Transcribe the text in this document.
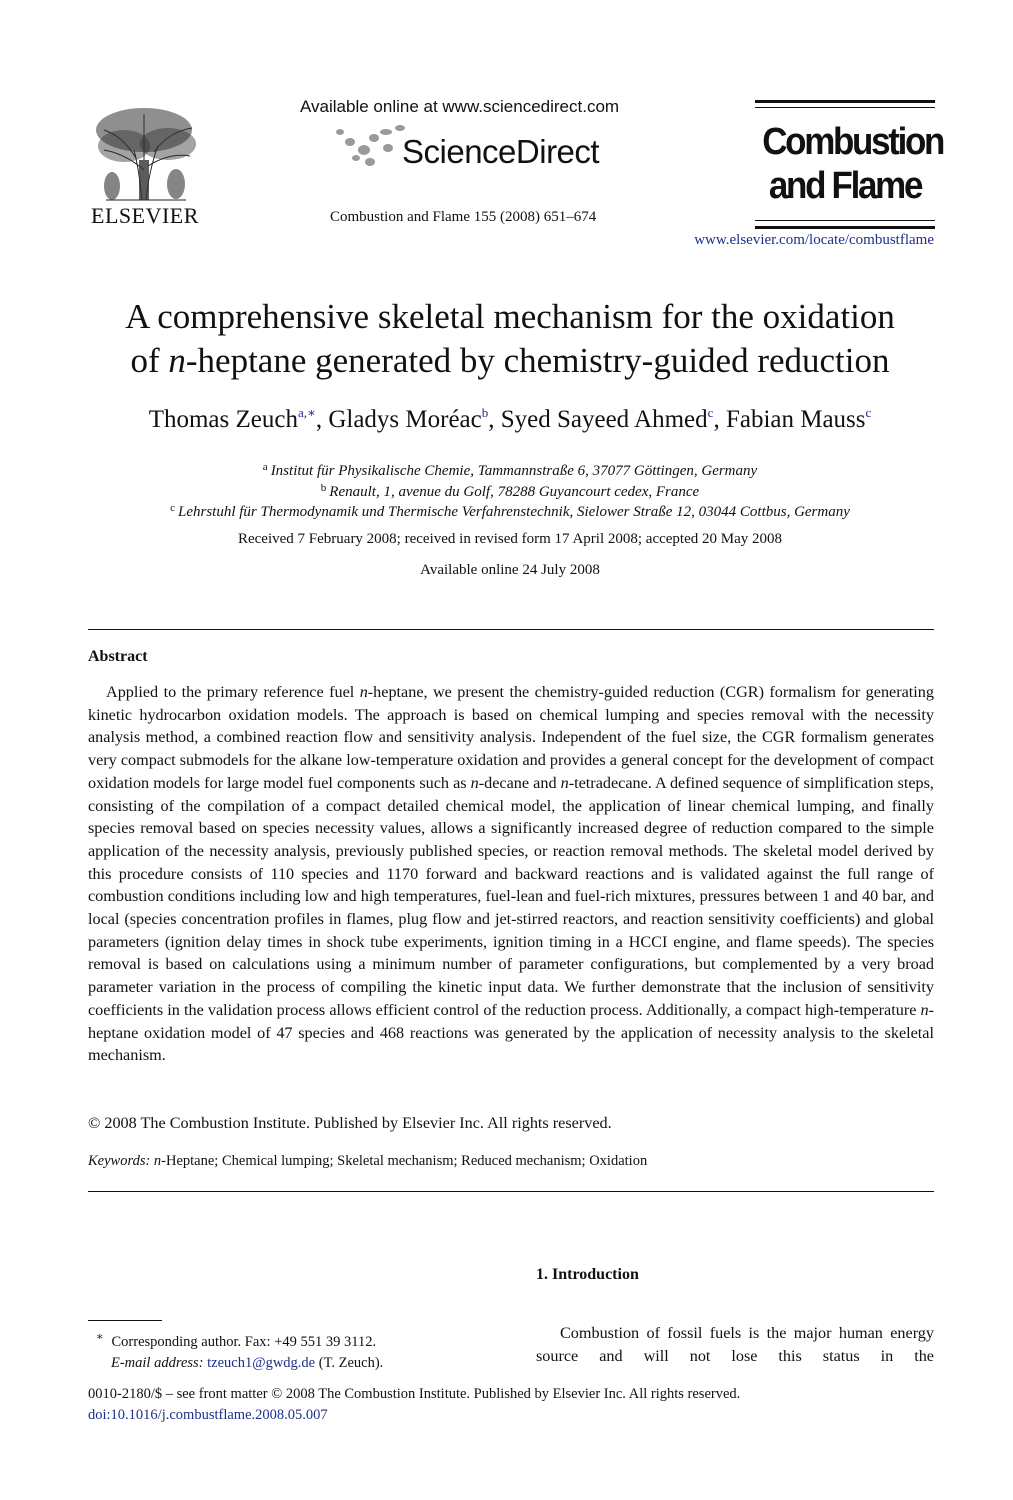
ELSEVIER
Available online at www.sciencedirect.com
ScienceDirect
Combustion and Flame 155 (2008) 651–674
Combustion
and Flame
www.elsevier.com/locate/combustflame
A comprehensive skeletal mechanism for the oxidation
of n-heptane generated by chemistry-guided reduction
Thomas Zeuch$^{a,∗}$, Gladys Moréac$^b$, Syed Sayeed Ahmed$^c$, Fabian Mauss$^c$
$^a$ Institut für Physikalische Chemie, Tammannstraße 6, 37077 Göttingen, Germany
$^b$ Renault, 1, avenue du Golf, 78288 Guyancourt cedex, France
$^c$ Lehrstuhl für Thermodynamik und Thermische Verfahrenstechnik, Sielower Straße 12, 03044 Cottbus, Germany
Received 7 February 2008; received in revised form 17 April 2008; accepted 20 May 2008
Available online 24 July 2008
Abstract

Applied to the primary reference fuel n-heptane, we present the chemistry-guided reduction (CGR) formalism for generating kinetic hydrocarbon oxidation models. The approach is based on chemical lumping and species removal with the necessity analysis method, a combined reaction flow and sensitivity analysis. Independent of the fuel size, the CGR formalism generates very compact submodels for the alkane low-temperature oxidation and provides a general concept for the development of compact oxidation models for large model fuel components such as n-decane and n-tetradecane. A defined sequence of simplification steps, consisting of the compilation of a compact detailed chemical model, the application of linear chemical lumping, and finally species removal based on species necessity values, allows a significantly increased degree of reduction compared to the simple application of the necessity analysis, previously published species, or reaction removal methods. The skeletal model derived by this procedure consists of 110 species and 1170 forward and backward reactions and is validated against the full range of combustion conditions including low and high temperatures, fuel-lean and fuel-rich mixtures, pressures between 1 and 40 bar, and local (species concentration profiles in flames, plug flow and jet-stirred reactors, and reaction sensitivity coefficients) and global parameters (ignition delay times in shock tube experiments, ignition timing in a HCCI engine, and flame speeds). The species removal is based on calculations using a minimum number of parameter configurations, but complemented by a very broad parameter variation in the process of compiling the kinetic input data. We further demonstrate that the inclusion of sensitivity coefficients in the validation process allows efficient control of the reduction process. Additionally, a compact high-temperature n-heptane oxidation model of 47 species and 468 reactions was generated by the application of necessity analysis to the skeletal mechanism.

© 2008 The Combustion Institute. Published by Elsevier Inc. All rights reserved.
Keywords: n-Heptane; Chemical lumping; Skeletal mechanism; Reduced mechanism; Oxidation
1. Introduction

Combustion of fossil fuels is the major human energy source and will not lose this status in the

∗ Corresponding author. Fax: +49 551 39 3112.
E-mail address: tzeuch1@gwdg.de (T. Zeuch).
0010-2180/$ – see front matter © 2008 The Combustion Institute. Published by Elsevier Inc. All rights reserved.
doi:10.1016/j.combustflame.2008.05.007
